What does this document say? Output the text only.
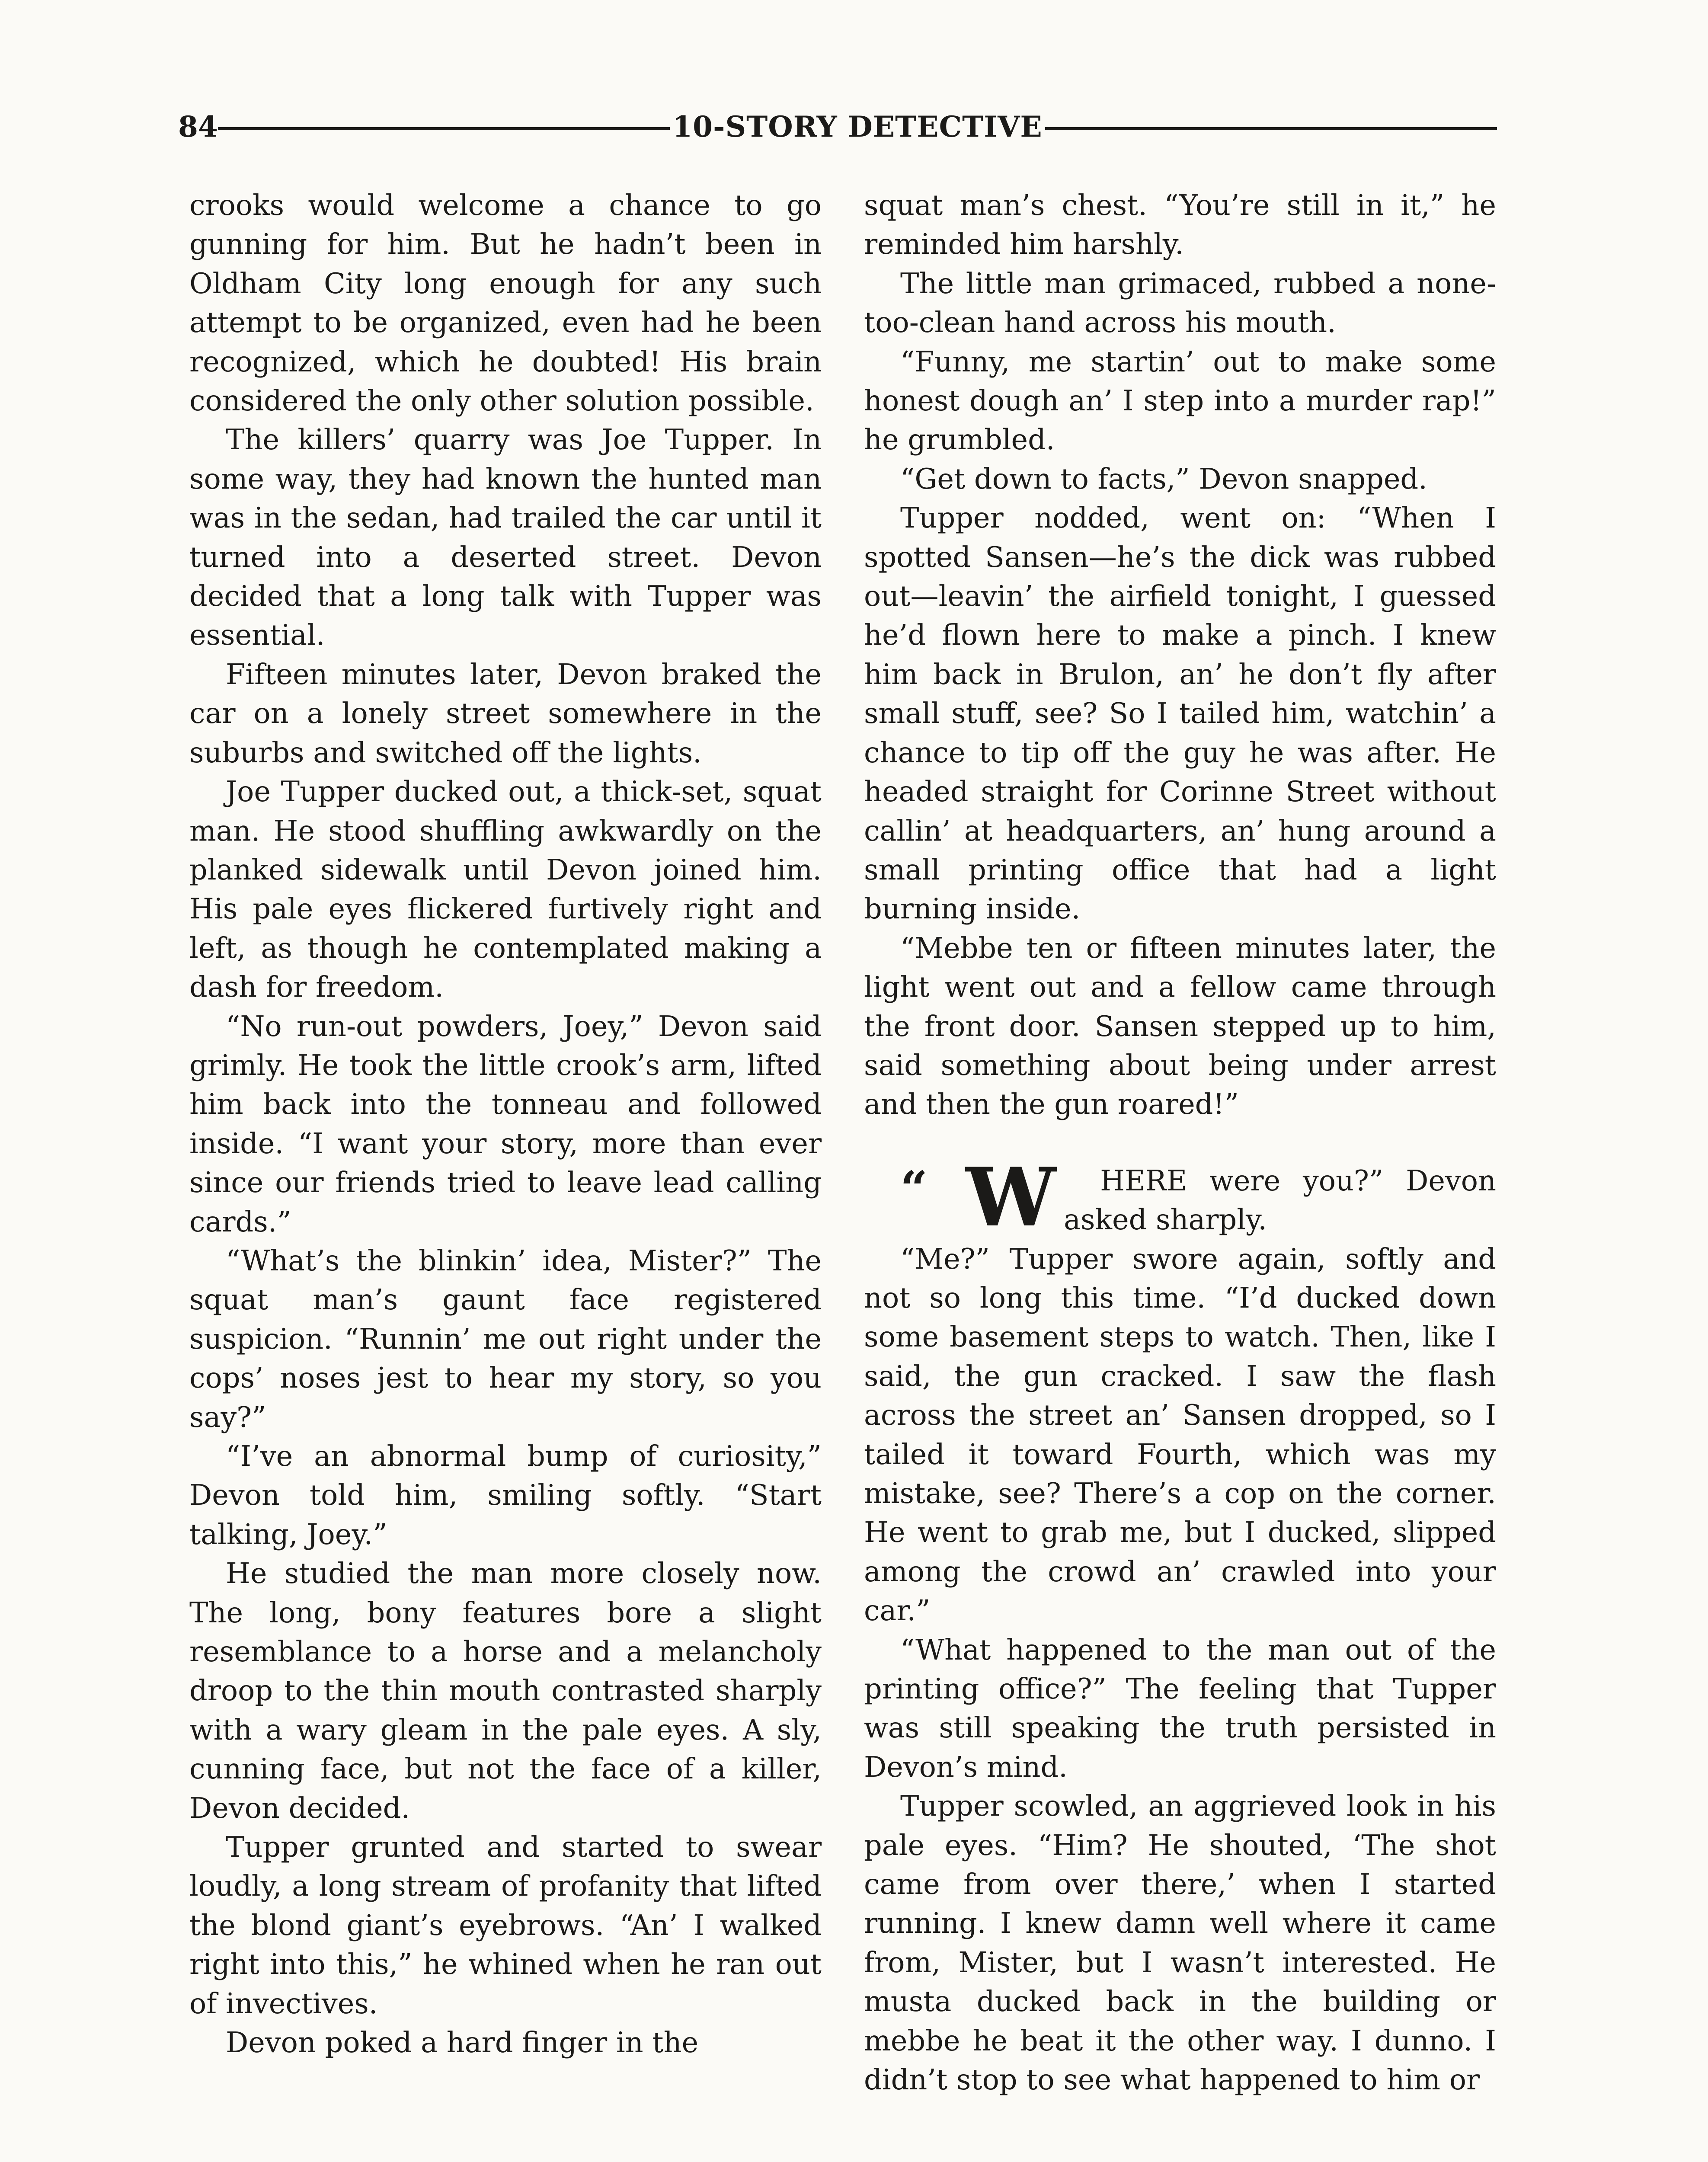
84	10-STORY DETECTIVE

crooks would welcome a chance to go gunning for him. But he hadn’t been in Oldham City long enough for any such attempt to be organized, even had he been recognized, which he doubted! His brain considered the only other solution possible.

The killers’ quarry was Joe Tupper. In some way, they had known the hunted man was in the sedan, had trailed the car until it turned into a deserted street. Devon decided that a long talk with Tupper was essential.

Fifteen minutes later, Devon braked the car on a lonely street somewhere in the suburbs and switched off the lights.

Joe Tupper ducked out, a thick-set, squat man. He stood shuffling awkwardly on the planked sidewalk until Devon joined him. His pale eyes flickered furtively right and left, as though he contemplated making a dash for freedom.

“No run-out powders, Joey,” Devon said grimly. He took the little crook’s arm, lifted him back into the tonneau and followed inside. “I want your story, more than ever since our friends tried to leave lead calling cards.”

“What’s the blinkin’ idea, Mister?” The squat man’s gaunt face registered suspicion. “Runnin’ me out right under the cops’ noses jest to hear my story, so you say?”

“I’ve an abnormal bump of curiosity,” Devon told him, smiling softly. “Start talking, Joey.”

He studied the man more closely now. The long, bony features bore a slight resemblance to a horse and a melancholy droop to the thin mouth contrasted sharply with a wary gleam in the pale eyes. A sly, cunning face, but not the face of a killer, Devon decided.

Tupper grunted and started to swear loudly, a long stream of profanity that lifted the blond giant’s eyebrows. “An’ I walked right into this,” he whined when he ran out of invectives.

Devon poked a hard finger in the

squat man’s chest. “You’re still in it,” he reminded him harshly.

The little man grimaced, rubbed a none-too-clean hand across his mouth.

“Funny, me startin’ out to make some honest dough an’ I step into a murder rap!” he grumbled.

“Get down to facts,” Devon snapped.

Tupper nodded, went on: “When I spotted Sansen—he’s the dick was rubbed out—leavin’ the airfield tonight, I guessed he’d flown here to make a pinch. I knew him back in Brulon, an’ he don’t fly after small stuff, see? So I tailed him, watchin’ a chance to tip off the guy he was after. He headed straight for Corinne Street without callin’ at headquarters, an’ hung around a small printing office that had a light burning inside.

“Mebbe ten or fifteen minutes later, the light went out and a fellow came through the front door. Sansen stepped up to him, said something about being under arrest and then the gun roared!”

“ W HERE were you?” Devon asked sharply.

“Me?” Tupper swore again, softly and not so long this time. “I’d ducked down some basement steps to watch. Then, like I said, the gun cracked. I saw the flash across the street an’ Sansen dropped, so I tailed it toward Fourth, which was my mistake, see? There’s a cop on the corner. He went to grab me, but I ducked, slipped among the crowd an’ crawled into your car.”

“What happened to the man out of the printing office?” The feeling that Tupper was still speaking the truth persisted in Devon’s mind.

Tupper scowled, an aggrieved look in his pale eyes. “Him? He shouted, ‘The shot came from over there,’ when I started running. I knew damn well where it came from, Mister, but I wasn’t interested. He musta ducked back in the building or mebbe he beat it the other way. I dunno. I didn’t stop to see what happened to him or
